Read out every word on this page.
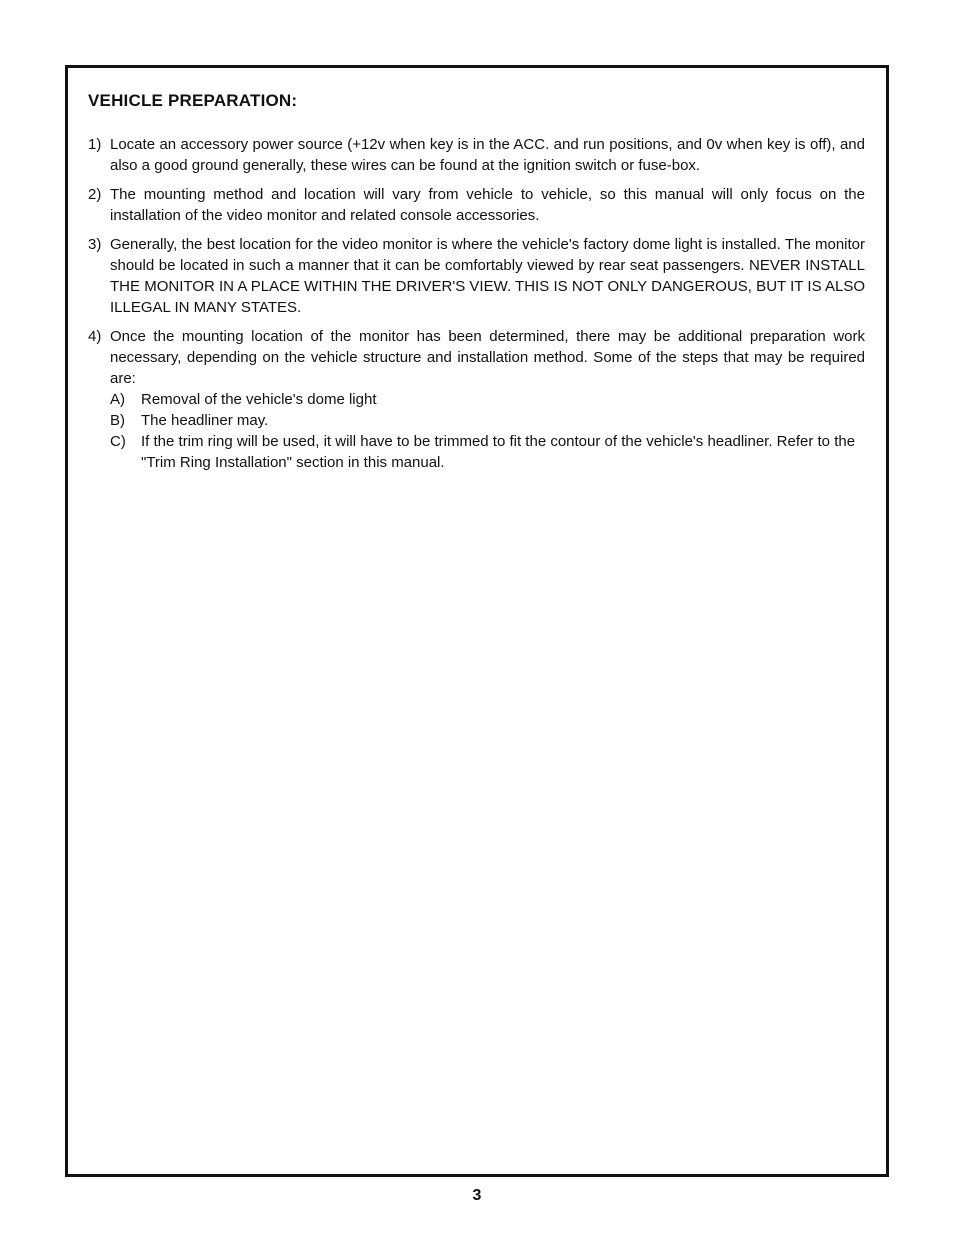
VEHICLE PREPARATION:
1) Locate an accessory power source (+12v when key is in the ACC. and run positions, and 0v when key is off), and also a good ground generally, these wires can be found at the ignition switch or fuse-box.
2) The mounting method and location will vary from vehicle to vehicle, so this manual will only focus on the installation of the video monitor and related console accessories.
3) Generally, the best location for the video monitor is where the vehicle's factory dome light is installed. The monitor should be located in such a manner that it can be comfortably viewed by rear seat passengers. NEVER INSTALL THE MONITOR IN A PLACE WITHIN THE DRIVER'S VIEW. THIS IS NOT ONLY DANGEROUS, BUT IT IS ALSO ILLEGAL IN MANY STATES.
4) Once the mounting location of the monitor has been determined, there may be additional preparation work necessary, depending on the vehicle structure and installation method. Some of the steps that may be required are:
A) Removal of the vehicle's dome light
B) The headliner may.
C) If the trim ring will be used, it will have to be trimmed to fit the contour of the vehicle's headliner. Refer to the "Trim Ring Installation" section in this manual.
3
